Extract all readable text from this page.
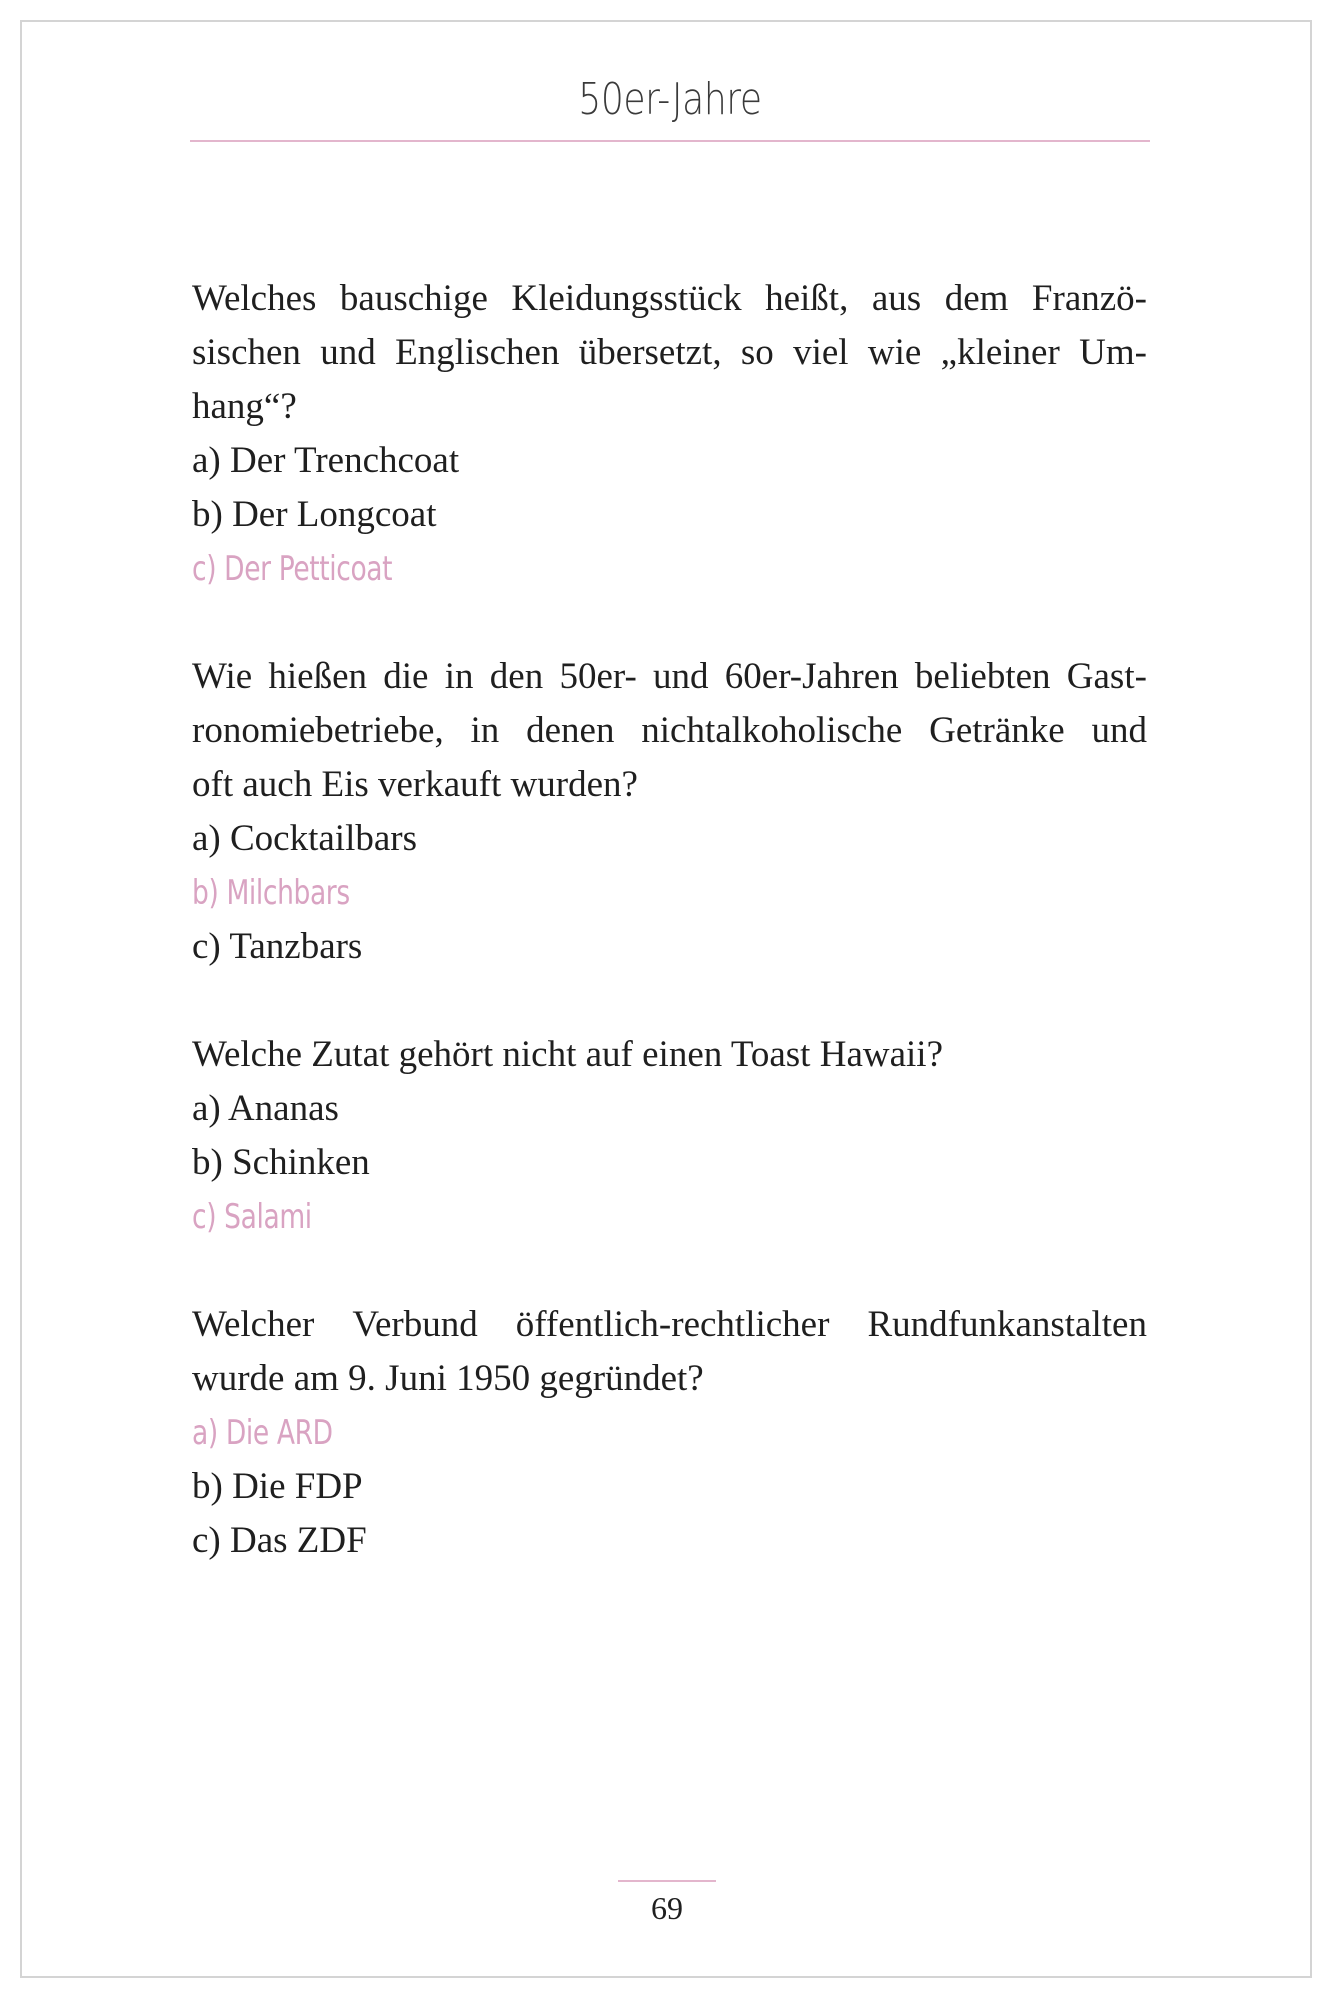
50er-Jahre
Welches bauschige Kleidungsstück heißt, aus dem Franzö-
sischen und Englischen übersetzt, so viel wie „kleiner Um-
hang“?
a) Der Trenchcoat
b) Der Longcoat
c) Der Petticoat
Wie hießen die in den 50er- und 60er-Jahren beliebten Gast-
ronomiebetriebe, in denen nichtalkoholische Getränke und
oft auch Eis verkauft wurden?
a) Cocktailbars
b) Milchbars
c) Tanzbars
Welche Zutat gehört nicht auf einen Toast Hawaii?
a) Ananas
b) Schinken
c) Salami
Welcher Verbund öffentlich-rechtlicher Rundfunkanstalten
wurde am 9. Juni 1950 gegründet?
a) Die ARD
b) Die FDP
c) Das ZDF
69
